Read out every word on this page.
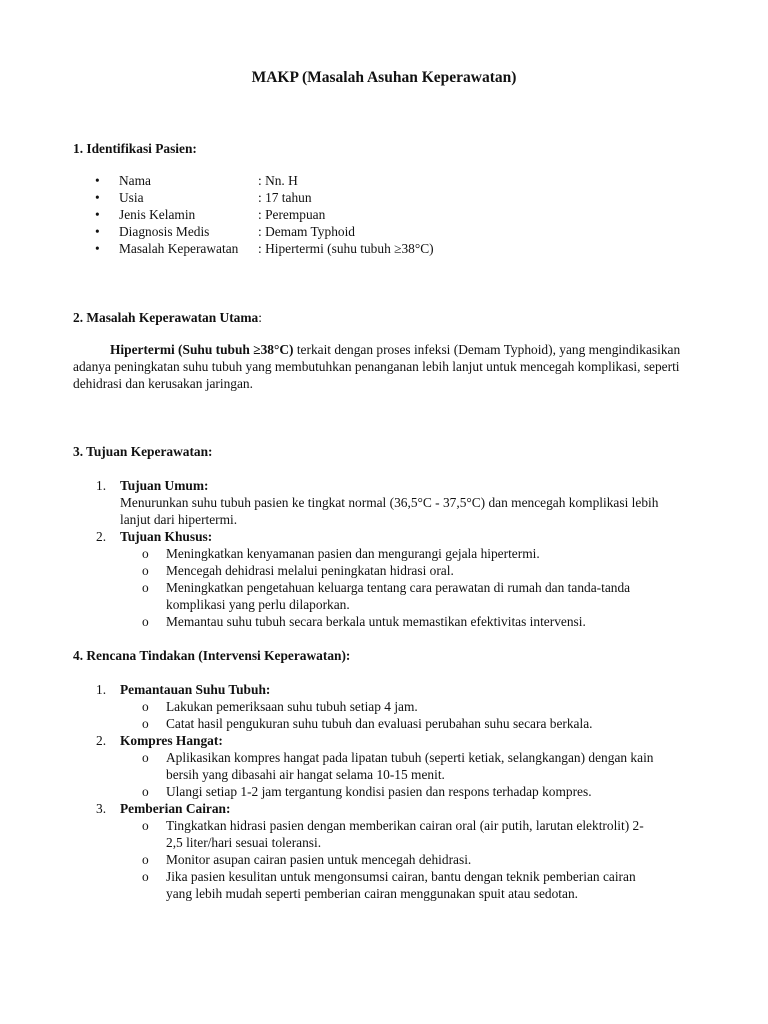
MAKP (Masalah Asuhan Keperawatan)
1. Identifikasi Pasien:
• Nama	: Nn. H
• Usia	: 17 tahun
• Jenis Kelamin	: Perempuan
• Diagnosis Medis	: Demam Typhoid
• Masalah Keperawatan : Hipertermi (suhu tubuh ≥38°C)
2. Masalah Keperawatan Utama:
Hipertermi (Suhu tubuh ≥38°C) terkait dengan proses infeksi (Demam Typhoid), yang mengindikasikan adanya peningkatan suhu tubuh yang membutuhkan penanganan lebih lanjut untuk mencegah komplikasi, seperti dehidrasi dan kerusakan jaringan.
3. Tujuan Keperawatan:
1. Tujuan Umum:
Menurunkan suhu tubuh pasien ke tingkat normal (36,5°C - 37,5°C) dan mencegah komplikasi lebih lanjut dari hipertermi.
2. Tujuan Khusus:
o Meningkatkan kenyamanan pasien dan mengurangi gejala hipertermi.
o Mencegah dehidrasi melalui peningkatan hidrasi oral.
o Meningkatkan pengetahuan keluarga tentang cara perawatan di rumah dan tanda-tanda komplikasi yang perlu dilaporkan.
o Memantau suhu tubuh secara berkala untuk memastikan efektivitas intervensi.
4. Rencana Tindakan (Intervensi Keperawatan):
1. Pemantauan Suhu Tubuh:
o Lakukan pemeriksaan suhu tubuh setiap 4 jam.
o Catat hasil pengukuran suhu tubuh dan evaluasi perubahan suhu secara berkala.
2. Kompres Hangat:
o Aplikasikan kompres hangat pada lipatan tubuh (seperti ketiak, selangkangan) dengan kain bersih yang dibasahi air hangat selama 10-15 menit.
o Ulangi setiap 1-2 jam tergantung kondisi pasien dan respons terhadap kompres.
3. Pemberian Cairan:
o Tingkatkan hidrasi pasien dengan memberikan cairan oral (air putih, larutan elektrolit) 2-2,5 liter/hari sesuai toleransi.
o Monitor asupan cairan pasien untuk mencegah dehidrasi.
o Jika pasien kesulitan untuk mengonsumsi cairan, bantu dengan teknik pemberian cairan yang lebih mudah seperti pemberian cairan menggunakan spuit atau sedotan.
